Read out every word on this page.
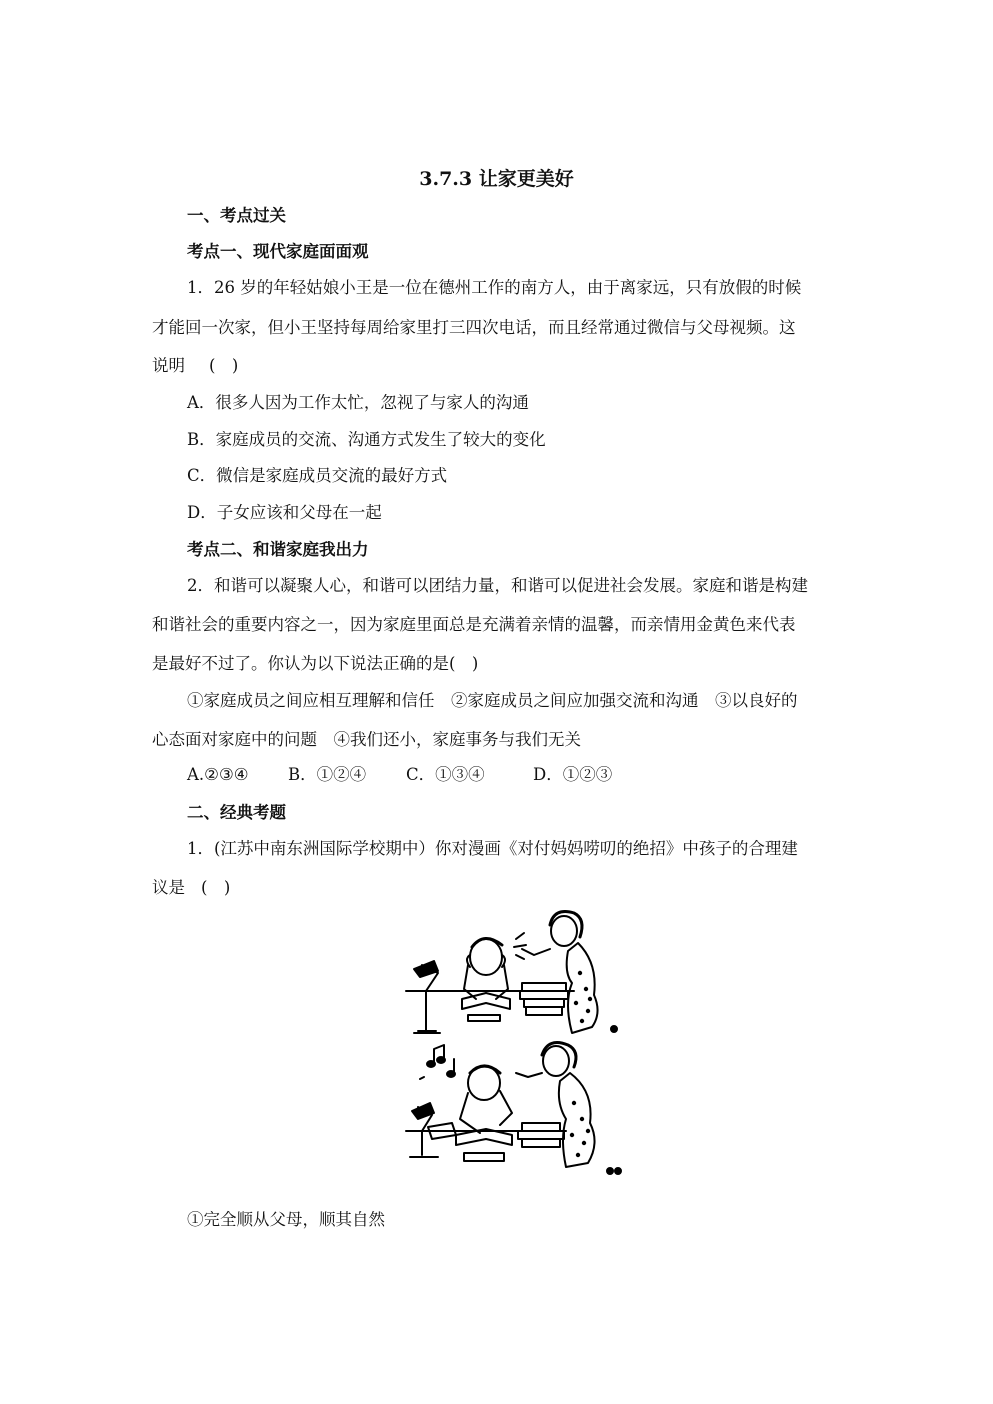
3.7.3 让家更美好
一、考点过关
考点一、现代家庭面面观
1．26 岁的年轻姑娘小王是一位在德州工作的南方人，由于离家远，只有放假的时候
才能回一次家，但小王坚持每周给家里打三四次电话，而且经常通过微信与父母视频。这
说明 (　)
A．很多人因为工作太忙，忽视了与家人的沟通
B．家庭成员的交流、沟通方式发生了较大的变化
C．微信是家庭成员交流的最好方式
D．子女应该和父母在一起
考点二、和谐家庭我出力
2．和谐可以凝聚人心，和谐可以团结力量，和谐可以促进社会发展。家庭和谐是构建
和谐社会的重要内容之一，因为家庭里面总是充满着亲情的温馨，而亲情用金黄色来代表
是最好不过了。你认为以下说法正确的是(　)
①家庭成员之间应相互理解和信任　②家庭成员之间应加强交流和沟通　③以良好的
心态面对家庭中的问题　④我们还小，家庭事务与我们无关
A.②③④ B．①②④ C．①③④	D．①②③
二、经典考题
1．(江苏中南东洲国际学校期中）你对漫画《对付妈妈唠叨的绝招》中孩子的合理建
议是 (　)
①完全顺从父母，顺其自然
